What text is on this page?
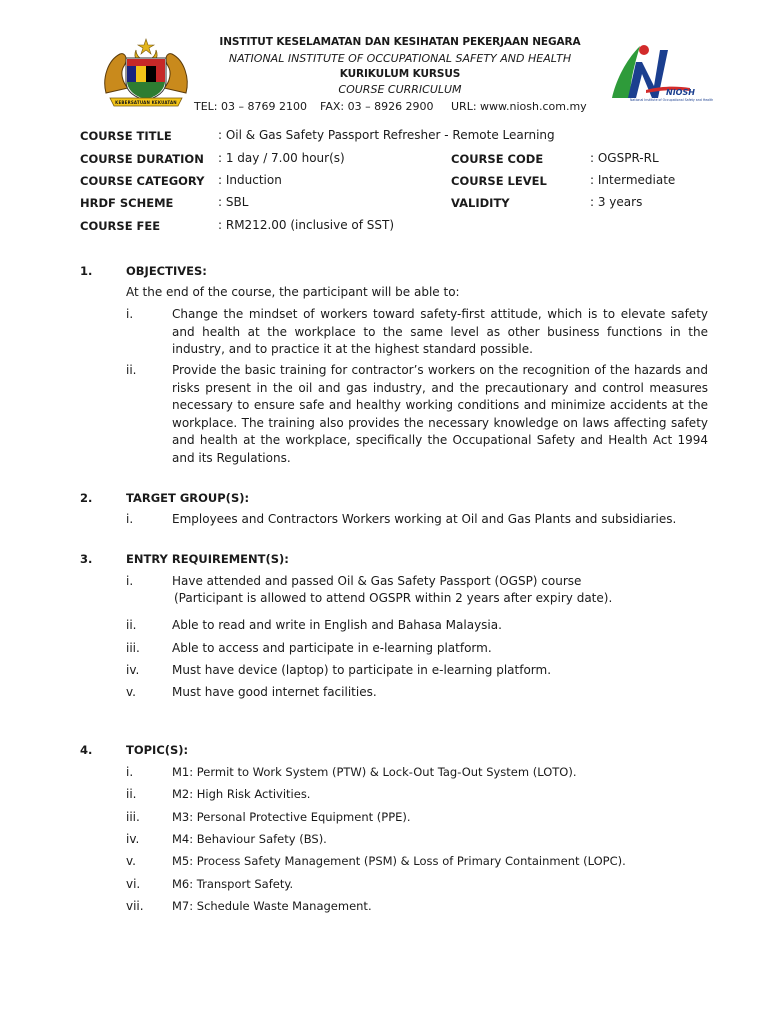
KEBERSATUAN KEKUATAN
INSTITUT KESELAMATAN DAN KESIHATAN PEKERJAAN NEGARA
NATIONAL INSTITUTE OF OCCUPATIONAL SAFETY AND HEALTH
KURIKULUM KURSUS
COURSE CURRICULUM
TEL: 03 – 8769 2100 FAX: 03 – 8926 2900 URL: www.niosh.com.my
NIOSH
National Institute of Occupational Safety and Health
COURSE TITLE	: Oil & Gas Safety Passport Refresher - Remote Learning
COURSE DURATION : 1 day / 7.00 hour(s)	COURSE CODE	: OGSPR-RL
COURSE CATEGORY : Induction	COURSE LEVEL	: Intermediate
HRDF SCHEME	: SBL	VALIDITY	: 3 years
COURSE FEE	: RM212.00 (inclusive of SST)
1.	OBJECTIVES:
At the end of the course, the participant will be able to:
i.	Change the mindset of workers toward safety-first attitude, which is to elevate safety and health at the workplace to the same level as other business functions in the industry, and to practice it at the highest standard possible.
ii.	Provide the basic training for contractor’s workers on the recognition of the hazards and risks present in the oil and gas industry, and the precautionary and control measures necessary to ensure safe and healthy working conditions and minimize accidents at the workplace. The training also provides the necessary knowledge on laws affecting safety and health at the workplace, specifically the Occupational Safety and Health Act 1994 and its Regulations.
2.	TARGET GROUP(S):
i.	Employees and Contractors Workers working at Oil and Gas Plants and subsidiaries.
3.	ENTRY REQUIREMENT(S):
i.	Have attended and passed Oil & Gas Safety Passport (OGSP) course
(Participant is allowed to attend OGSPR within 2 years after expiry date).
ii.	Able to read and write in English and Bahasa Malaysia.
iii.	Able to access and participate in e-learning platform.
iv.	Must have device (laptop) to participate in e-learning platform.
v.	Must have good internet facilities.
4.	TOPIC(S):
i.	M1: Permit to Work System (PTW) & Lock-Out Tag-Out System (LOTO).
ii.	M2: High Risk Activities.
iii.	M3: Personal Protective Equipment (PPE).
iv.	M4: Behaviour Safety (BS).
v.	M5: Process Safety Management (PSM) & Loss of Primary Containment (LOPC).
vi.	M6: Transport Safety.
vii. M7: Schedule Waste Management.
